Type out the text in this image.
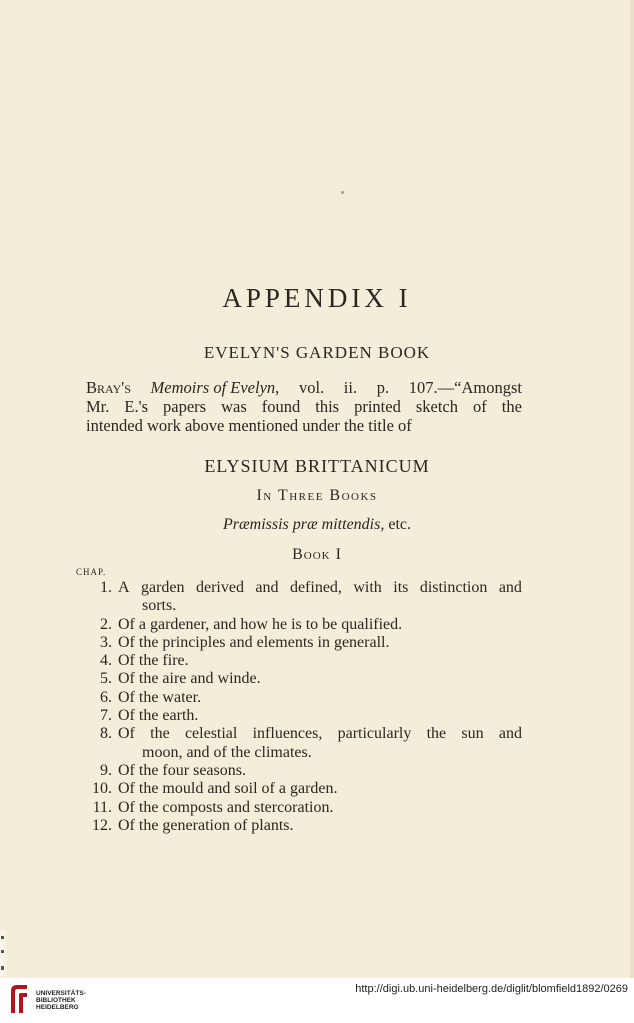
APPENDIX I
EVELYN'S GARDEN BOOK
Bray's Memoirs of Evelyn, vol. ii. p. 107.—“Amongst
Mr. E.'s papers was found this printed sketch of the
intended work above mentioned under the title of
ELYSIUM BRITTANICUM
In Three Books
Præmissis præ mittendis, etc.
Book I
CHAP.
1. A garden derived and defined, with its distinction and
sorts.
2. Of a gardener, and how he is to be qualified.
3. Of the principles and elements in generall.
4. Of the fire.
5. Of the aire and winde.
6. Of the water.
7. Of the earth.
8. Of the celestial influences, particularly the sun and
moon, and of the climates.
9. Of the four seasons.
10. Of the mould and soil of a garden.
11. Of the composts and stercoration.
12. Of the generation of plants.
UNIVERSITÄTS-
BIBLIOTHEK
HEIDELBERG
http://digi.ub.uni-heidelberg.de/diglit/blomfield1892/0269
